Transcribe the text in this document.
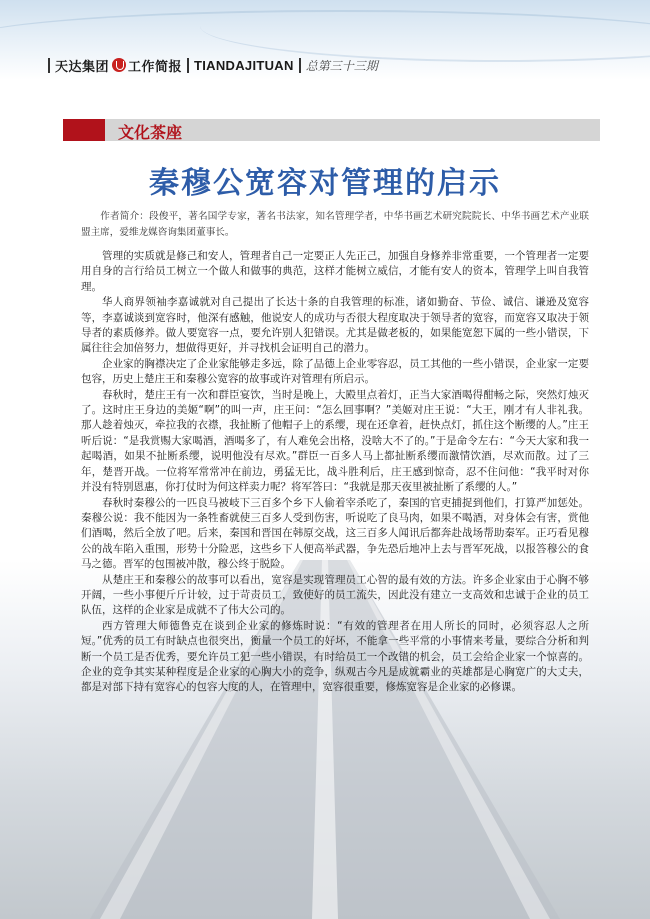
天达集团 工作简报 TIANDAJITUAN 总第三十三期
文化茶座
秦穆公宽容对管理的启示
作者简介：段俊平，著名国学专家，著名书法家，知名管理学者，中华书画艺术研究院院长、中华书画艺术产业联盟主席，爱维龙媒咨询集团董事长。

管理的实质就是修己和安人，管理者自己一定要正人先正己，加强自身修养非常重要，一个管理者一定要用自身的言行给员工树立一个做人和做事的典范，这样才能树立威信，才能有安人的资本，管理学上叫自我管理。

华人商界领袖李嘉诚就对自己提出了长达十条的自我管理的标准，诸如勤奋、节俭、诚信、谦逊及宽容等，李嘉诚谈到宽容时，他深有感触，他说安人的成功与否很大程度取决于领导者的宽容，而宽容又取决于领导者的素质修养。做人要宽容一点，要允许别人犯错误。尤其是做老板的，如果能宽恕下属的一些小错误，下属往往会加倍努力，想做得更好，并寻找机会证明自己的潜力。

企业家的胸襟决定了企业家能够走多远，除了品德上企业零容忍，员工其他的一些小错误，企业家一定要包容，历史上楚庄王和秦穆公宽容的故事或许对管理有所启示。

春秋时，楚庄王有一次和群臣宴饮，当时是晚上，大殿里点着灯，正当大家酒喝得酣畅之际，突然灯烛灭了。这时庄王身边的美姬“啊”的叫一声，庄王问：“怎么回事啊？”美姬对庄王说：“大王，刚才有人非礼我。那人趁着烛灭，牵拉我的衣襟，我扯断了他帽子上的系缨，现在还拿着，赶快点灯，抓住这个断缨的人。”庄王听后说：“是我赏赐大家喝酒，酒喝多了，有人难免会出格，没啥大不了的。”于是命令左右：“今天大家和我一起喝酒，如果不扯断系缨，说明他没有尽欢。”群臣一百多人马上都扯断系缨而激情饮酒，尽欢而散。过了三年，楚晋开战。一位将军常常冲在前边，勇猛无比，战斗胜利后，庄王感到惊奇，忍不住问他：“我平时对你并没有特别恩惠，你打仗时为何这样卖力呢？将军答曰：“我就是那天夜里被扯断了系缨的人。”

春秋时秦穆公的一匹良马被岐下三百多个乡下人偷着宰杀吃了，秦国的官吏捕捉到他们，打算严加惩处。秦穆公说：我不能因为一条牲畜就使三百多人受到伤害，听说吃了良马肉，如果不喝酒，对身体会有害，赏他们酒喝，然后全放了吧。后来，秦国和晋国在韩原交战，这三百多人闻讯后都奔赴战场帮助秦军。正巧看见穆公的战车陷入重围，形势十分险恶，这些乡下人便高举武器，争先恐后地冲上去与晋军死战，以报答穆公的食马之德。晋军的包围被冲散，穆公终于脱险。

从楚庄王和秦穆公的故事可以看出，宽容是实现管理员工心智的最有效的方法。许多企业家由于心胸不够开阔，一些小事便斤斤计较，过于苛责员工，致使好的员工流失，因此没有建立一支高效和忠诚于企业的员工队伍，这样的企业家是成就不了伟大公司的。

西方管理大师德鲁克在谈到企业家的修炼时说：“有效的管理者在用人所长的同时，必须容忍人之所短。”优秀的员工有时缺点也很突出，衡量一个员工的好坏，不能拿一些平常的小事情来考量，要综合分析和判断一个员工是否优秀，要允许员工犯一些小错误，有时给员工一个改错的机会，员工会给企业家一个惊喜的。企业的竞争其实某种程度是企业家的心胸大小的竞争，纵观古今凡是成就霸业的英雄都是心胸宽广的大丈夫，都是对部下持有宽容心的包容大度的人，在管理中，宽容很重要，修炼宽容是企业家的必修课。
